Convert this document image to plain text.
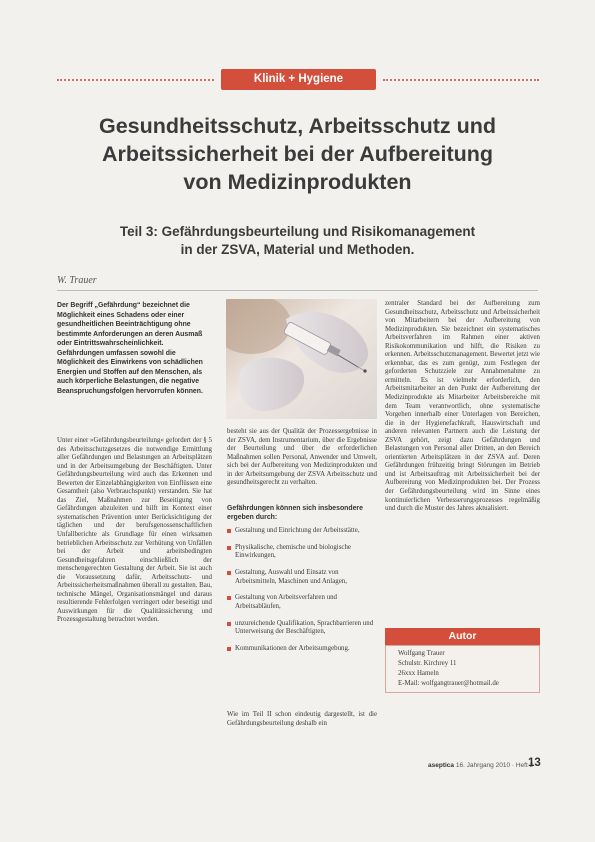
Klinik + Hygiene
Gesundheitsschutz, Arbeitsschutz und
Arbeitssicherheit bei der Aufbereitung
von Medizinprodukten
Teil 3: Gefährdungsbeurteilung und Risikomanagement
in der ZSVA, Material und Methoden.
W. Trauer

Der Begriff „Gefährdung“ bezeichnet die Möglichkeit eines Schadens oder einer gesundheitlichen Beeinträchtigung ohne bestimmte Anforderungen an deren Ausmaß oder Eintrittswahrscheinlichkeit. Gefährdungen umfassen sowohl die Möglichkeit des Einwirkens von schädlichen Energien und Stoffen auf den Menschen, als auch körperliche Belastungen, die negative Beanspruchungsfolgen hervorrufen können.

Unter einer »Gefährdungsbeurteilung« gefordert der § 5 des Arbeitsschutzgesetzes die notwendige Ermittlung aller Gefährdungen und Belastungen an Arbeitsplätzen und in der Arbeitsumgebung der Beschäftigten. Unter Gefährdungsbeurteilung wird auch das Erkennen und Bewerten der Einzelabhängigkeiten von Einflüssen eine Gesamtheit (also Verbrauchspunkt) verstanden. Sie hat das Ziel, Maßnahmen zur Beseitigung von Gefährdungen abzuleiten und hilft im Kontext einer systematischen Prävention unter Berücksichtigung der täglichen und der berufsgenossenschaftlichen Unfallberichte als Grundlage für einen wirksamen betrieblichen Arbeitsschutz zur Verhütung von Unfällen bei der Arbeit und arbeitsbedingten Gesundheitsgefahren einschließlich der menschengerechten Gestaltung der Arbeit. Sie ist auch die Voraussetzung dafür, Arbeitsschutz- und Arbeitssicherheitsmaßnahmen überall zu gestalten. Bau, technische Mängel, Organisationsmängel und daraus resultierende Fehlerfolgen verringert oder beseitigt und Auswirkungen für die Qualitätssicherung und Prozessgestaltung betrachtet werden.

besteht sie aus der Qualität der Prozessergebnisse in der ZSVA, dem Instrumentarium, über die Ergebnisse der Beurteilung und über die erforderlichen Maßnahmen sollen Personal, Anwender und Umwelt, sich bei der Aufbereitung von Medizinprodukten und in der Arbeitsumgebung der ZSVA Arbeitsschutz und gesundheitsgerecht zu verhalten.

Gefährdungen können sich insbesondere ergeben durch:

Gestaltung und Einrichtung der Arbeitsstätte,
Physikalische, chemische und biologische Einwirkungen,
Gestaltung, Auswahl und Einsatz von Arbeitsmitteln, Maschinen und Anlagen,
Gestaltung von Arbeitsverfahren und Arbeitsabläufen,
unzureichende Qualifikation, Sprachbarrieren und Unterweisung der Beschäftigten,
Kommunikationen der Arbeitsumgebung.

Wie im Teil II schon eindeutig dargestellt, ist die Gefährdungsbeurteilung deshalb ein

zentraler Standard bei der Aufbereitung zum Gesundheitsschutz, Arbeitsschutz und Arbeitssicherheit von Mitarbeitern bei der Aufbereitung von Medizinprodukten. Sie bezeichnet ein systematisches Arbeitsverfahren im Rahmen einer aktiven Risikokommunikation und hilft, die Risiken zu erkennen. Arbeitsschutzmanagement. Bewertet jetzt wie erkennbar, das es zum genügt, zum Festlegen der geforderten Schutzziele zur Annahmenahme zu ermitteln. Es ist vielmehr erforderlich, den Arbeitsmitarbeiter an den Punkt der Aufbereitung der Medizinprodukte als Mitarbeiter Arbeitsbereiche mit dem Team verantwortlich, ohne systematische Vorgehen innerhalb einer Unterlagen von Bereichen, die in der Hygienefachkraft, Hauswirtschaft und anderen relevanten Partnern auch die Leistung der ZSVA gehört, zeigt dazu Gefährdungen und Belastungen von Personal aller Dritten, an den Bereich orientierten Arbeitsplätzen in der ZSVA auf. Deren Gefährdungen frühzeitig bringt Störungen im Betrieb und ist Arbeitsauftrag mit Arbeitssicherheit bei der Aufbereitung von Medizinprodukten bei. Der Prozess der Gefährdungsbeurteilung wird im Sinne eines kontinuierlichen Verbesserungsprozesses regelmäßig und durch die Muster des Jahres aktualisiert.

Autor
Wolfgang Trauer
Schulstr. Kirchrey 11
26xxx Hameln
E-Mail: wolfgangtrauer@hotmail.de
aseptica 16. Jahrgang 2010 · Heft 2
13
